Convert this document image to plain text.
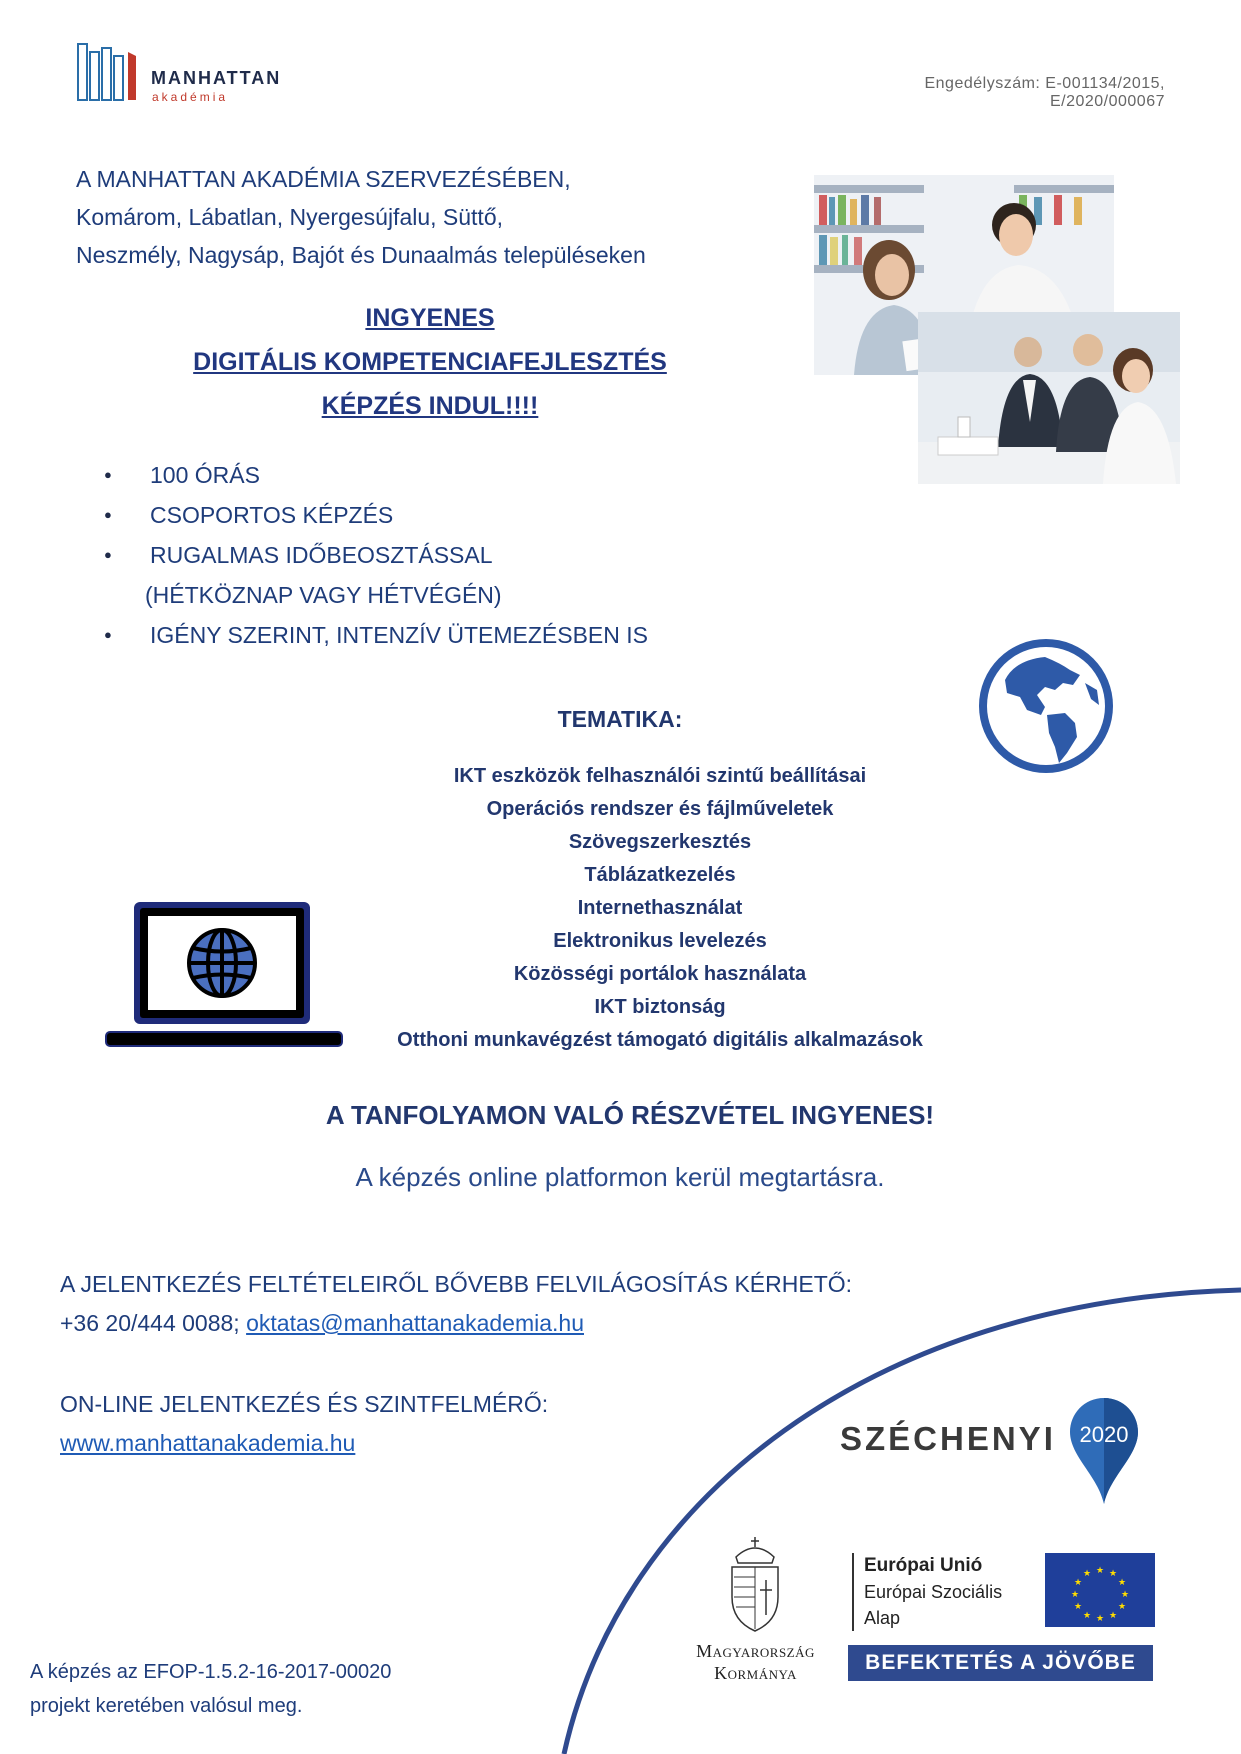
MANHATTAN
akadémia
Engedélyszám: E-001134/2015,
E/2020/000067
A MANHATTAN AKADÉMIA SZERVEZÉSÉBEN,
Komárom, Lábatlan, Nyergesújfalu, Süttő,
Neszmély, Nagysáp, Bajót és Dunaalmás településeken
INGYENES
DIGITÁLIS KOMPETENCIAFEJLESZTÉS
KÉPZÉS INDUL!!!!
● 100 ÓRÁS
● CSOPORTOS KÉPZÉS
● RUGALMAS IDŐBEOSZTÁSSAL
(HÉTKÖZNAP VAGY HÉTVÉGÉN)
● IGÉNY SZERINT, INTENZÍV ÜTEMEZÉSBEN IS
TEMATIKA:
IKT eszközök felhasználói szintű beállításai
Operációs rendszer és fájlműveletek
Szövegszerkesztés
Táblázatkezelés
Internethasználat
Elektronikus levelezés
Közösségi portálok használata
IKT biztonság
Otthoni munkavégzést támogató digitális alkalmazások
A TANFOLYAMON VALÓ RÉSZVÉTEL INGYENES!
A képzés online platformon kerül megtartásra.
A JELENTKEZÉS FELTÉTELEIRŐL BŐVEBB FELVILÁGOSÍTÁS KÉRHETŐ:
+36 20/444 0088; oktatas@manhattanakademia.hu
ON-LINE JELENTKEZÉS ÉS SZINTFELMÉRŐ:
www.manhattanakademia.hu	SZÉCHENYI 2020
Magyarország
Kormánya
Európai Unió
Európai Szociális
Alap
★ ★
★
★
★
★
★
★
★
★
★
★
BEFEKTETÉS A JÖVŐBE
A képzés az EFOP-1.5.2-16-2017-00020
projekt keretében valósul meg.
